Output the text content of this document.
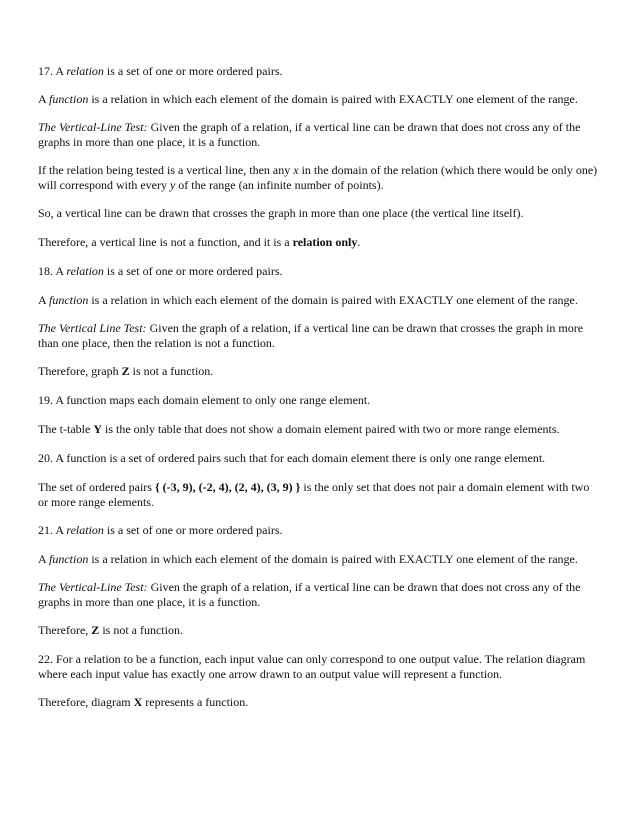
17. A relation is a set of one or more ordered pairs.

A function is a relation in which each element of the domain is paired with EXACTLY one element of the range.

The Vertical-Line Test: Given the graph of a relation, if a vertical line can be drawn that does not cross any of the graphs in more than one place, it is a function.

If the relation being tested is a vertical line, then any x in the domain of the relation (which there would be only one) will correspond with every y of the range (an infinite number of points).

So, a vertical line can be drawn that crosses the graph in more than one place (the vertical line itself).

Therefore, a vertical line is not a function, and it is a relation only.

18. A relation is a set of one or more ordered pairs.

A function is a relation in which each element of the domain is paired with EXACTLY one element of the range.

The Vertical Line Test: Given the graph of a relation, if a vertical line can be drawn that crosses the graph in more than one place, then the relation is not a function.

Therefore, graph Z is not a function.

19. A function maps each domain element to only one range element.

The t-table Y is the only table that does not show a domain element paired with two or more range elements.

20. A function is a set of ordered pairs such that for each domain element there is only one range element.

The set of ordered pairs { (-3, 9), (-2, 4), (2, 4), (3, 9) } is the only set that does not pair a domain element with two or more range elements.

21. A relation is a set of one or more ordered pairs.

A function is a relation in which each element of the domain is paired with EXACTLY one element of the range.

The Vertical-Line Test: Given the graph of a relation, if a vertical line can be drawn that does not cross any of the graphs in more than one place, it is a function.

Therefore, Z is not a function.

22. For a relation to be a function, each input value can only correspond to one output value. The relation diagram where each input value has exactly one arrow drawn to an output value will represent a function.

Therefore, diagram X represents a function.
